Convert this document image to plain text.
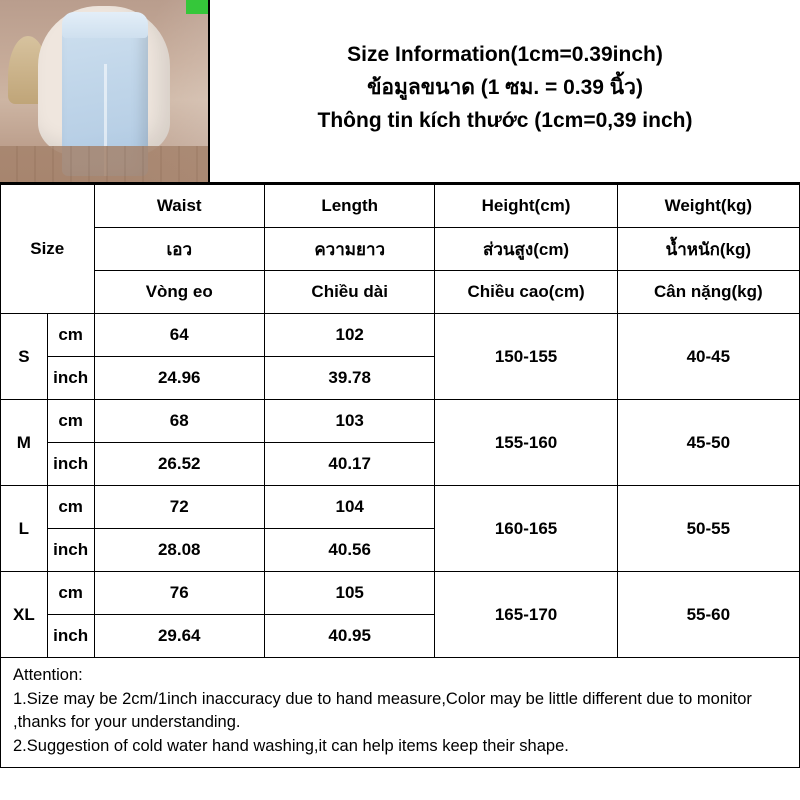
Size Information(1cm=0.39inch)
ข้อมูลขนาด (1 ซม. = 0.39 นิ้ว)
Thông tin kích thước (1cm=0,39 inch)
Size		Waist	Length	Height(cm)	Weight(kg)
		เอว	ความยาว	ส่วนสูง(cm)	น้ำหนัก(kg)
		Vòng eo	Chiều dài	Chiều cao(cm)	Cân nặng(kg)
S	cm	64	102	150-155	40-45
	inch	24.96	39.78		
M	cm	68	103	155-160	45-50
	inch	26.52	40.17		
L	cm	72	104	160-165	50-55
	inch	28.08	40.56		
XL	cm	76	105	165-170	55-60
	inch	29.64	40.95		

Attention:

1.Size may be 2cm/1inch inaccuracy due to hand measure,Color may be little different due to monitor ,thanks for your understanding.

2.Suggestion of cold water hand washing,it can help items keep their shape.
